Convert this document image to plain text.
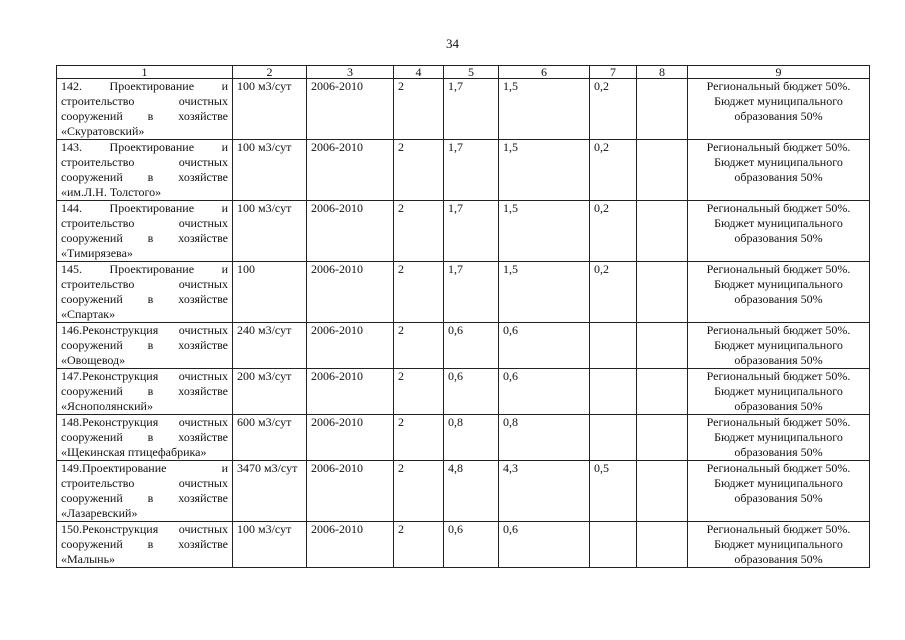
34
1	2	3	4	5	6	7	8	9
142. Проектирование и строительство очистных сооружений в хозяйстве «Скуратовский»	100 м3/сут	2006-2010	2	1,7	1,5	0,2		Региональный бюджет 50%. Бюджет муниципального образования 50%
143. Проектирование и строительство очистных сооружений в хозяйстве «им.Л.Н. Толстого»	100 м3/сут	2006-2010	2	1,7	1,5	0,2		Региональный бюджет 50%. Бюджет муниципального образования 50%
144. Проектирование и строительство очистных сооружений в хозяйстве «Тимирязева»	100 м3/сут	2006-2010	2	1,7	1,5	0,2		Региональный бюджет 50%. Бюджет муниципального образования 50%
145. Проектирование и строительство очистных сооружений в хозяйстве «Спартак»	100	2006-2010	2	1,7	1,5	0,2		Региональный бюджет 50%. Бюджет муниципального образования 50%
146.Реконструкция очистных сооружений в хозяйстве «Овощевод»	240 м3/сут	2006-2010	2	0,6	0,6			Региональный бюджет 50%. Бюджет муниципального образования 50%
147.Реконструкция очистных сооружений в хозяйстве «Яснополянский»	200 м3/сут	2006-2010	2	0,6	0,6			Региональный бюджет 50%. Бюджет муниципального образования 50%
148.Реконструкция очистных сооружений в хозяйстве «Щекинская птицефабрика»	600 м3/сут	2006-2010	2	0,8	0,8			Региональный бюджет 50%. Бюджет муниципального образования 50%
149.Проектирование и строительство очистных сооружений в хозяйстве «Лазаревский»	3470 м3/сут	2006-2010	2	4,8	4,3	0,5		Региональный бюджет 50%. Бюджет муниципального образования 50%
150.Реконструкция очистных сооружений в хозяйстве «Малынь»	100 м3/сут	2006-2010	2	0,6	0,6			Региональный бюджет 50%. Бюджет муниципального образования 50%
